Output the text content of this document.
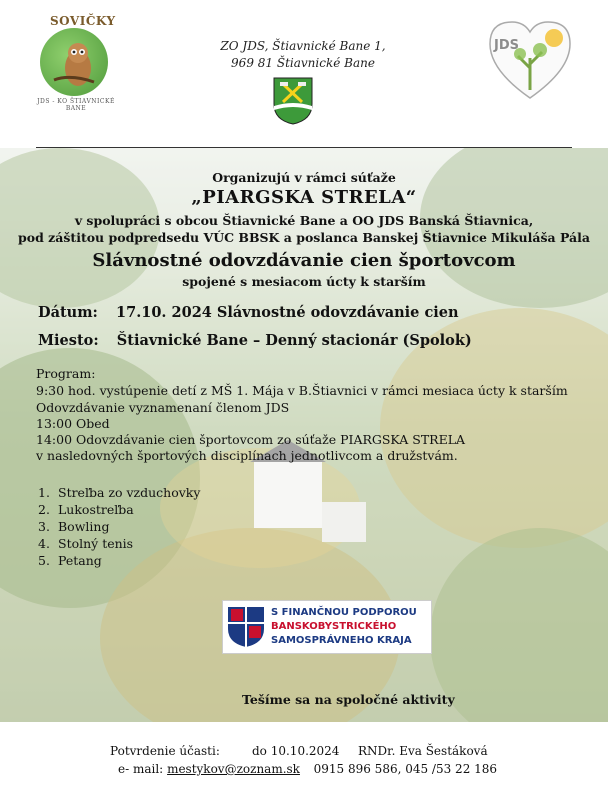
SOVIČKY
JDS - KO ŠTIAVNICKÉ BANE
ZO JDS, Štiavnické Bane 1,
969 81 Štiavnické Bane
JDS
Organizujú v rámci súťaže
„PIARGSKA STRELA“
v spolupráci s obcou Štiavnické Bane a OO JDS Banská Štiavnica,
pod záštitou podpredsedu VÚC BBSK a poslanca Banskej Štiavnice Mikuláša Pála
Slávnostné odovzdávanie cien športovcom
spojené s mesiacom úcty k starším
Dátum: 17.10. 2024 Slávnostné odovzdávanie cien
Miesto: Štiavnické Bane – Denný stacionár (Spolok)
Program:
9:30 hod. vystúpenie detí z MŠ 1. Mája v B.Štiavnici v rámci mesiaca úcty k starším
Odovzdávanie vyznamenaní členom JDS
13:00 Obed
14:00 Odovzdávanie cien športovcom zo súťaže PIARGSKA STRELA
v nasledovných športových disciplínach jednotlivcom a družstvám.
1. Streľba zo vzduchovky
2. Lukostreľba
3. Bowling
4. Stolný tenis
5. Petang
S FINANČNOU PODPOROU
BANSKOBYSTRICKÉHO
SAMOSPRÁVNEHO KRAJA
Tešíme sa na spoločné aktivity
Potvrdenie účasti:	do 10.10.2024 RNDr. Eva Šestáková
e- mail: mestykov@zoznam.sk 0915 896 586, 045 /53 22 186
